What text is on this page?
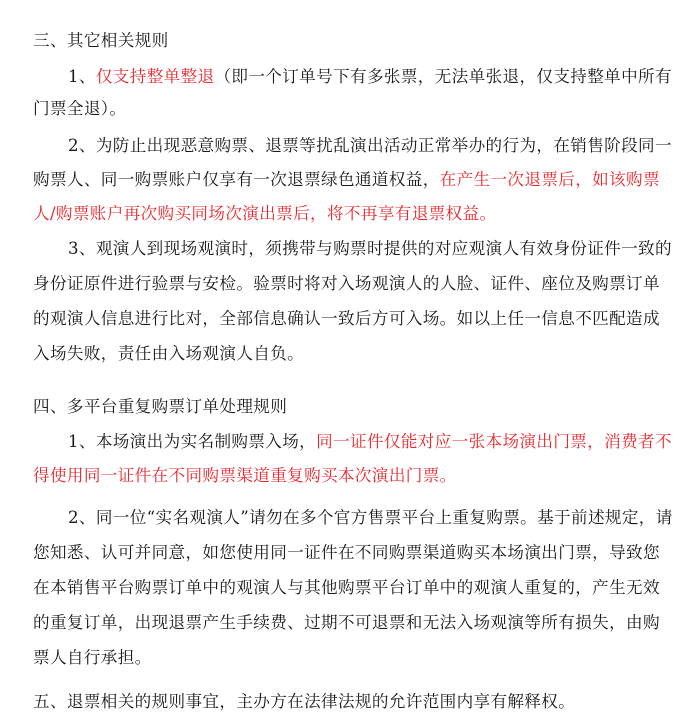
三、其它相关规则
1、仅支持整单整退（即一个订单号下有多张票，无法单张退，仅支持整单中所有
门票全退）。
2、为防止出现恶意购票、退票等扰乱演出活动正常举办的行为，在销售阶段同一
购票人、同一购票账户仅享有一次退票绿色通道权益，在产生一次退票后，如该购票
人/购票账户再次购买同场次演出票后，将不再享有退票权益。
3、观演人到现场观演时，须携带与购票时提供的对应观演人有效身份证件一致的
身份证原件进行验票与安检。验票时将对入场观演人的人脸、证件、座位及购票订单
的观演人信息进行比对，全部信息确认一致后方可入场。如以上任一信息不匹配造成
入场失败，责任由入场观演人自负。
四、多平台重复购票订单处理规则
1、本场演出为实名制购票入场，同一证件仅能对应一张本场演出门票，消费者不
得使用同一证件在不同购票渠道重复购买本次演出门票。
2、同一位“实名观演人”请勿在多个官方售票平台上重复购票。基于前述规定，请
您知悉、认可并同意，如您使用同一证件在不同购票渠道购买本场演出门票，导致您
在本销售平台购票订单中的观演人与其他购票平台订单中的观演人重复的，产生无效
的重复订单，出现退票产生手续费、过期不可退票和无法入场观演等所有损失，由购
票人自行承担。
五、退票相关的规则事宜，主办方在法律法规的允许范围内享有解释权。
